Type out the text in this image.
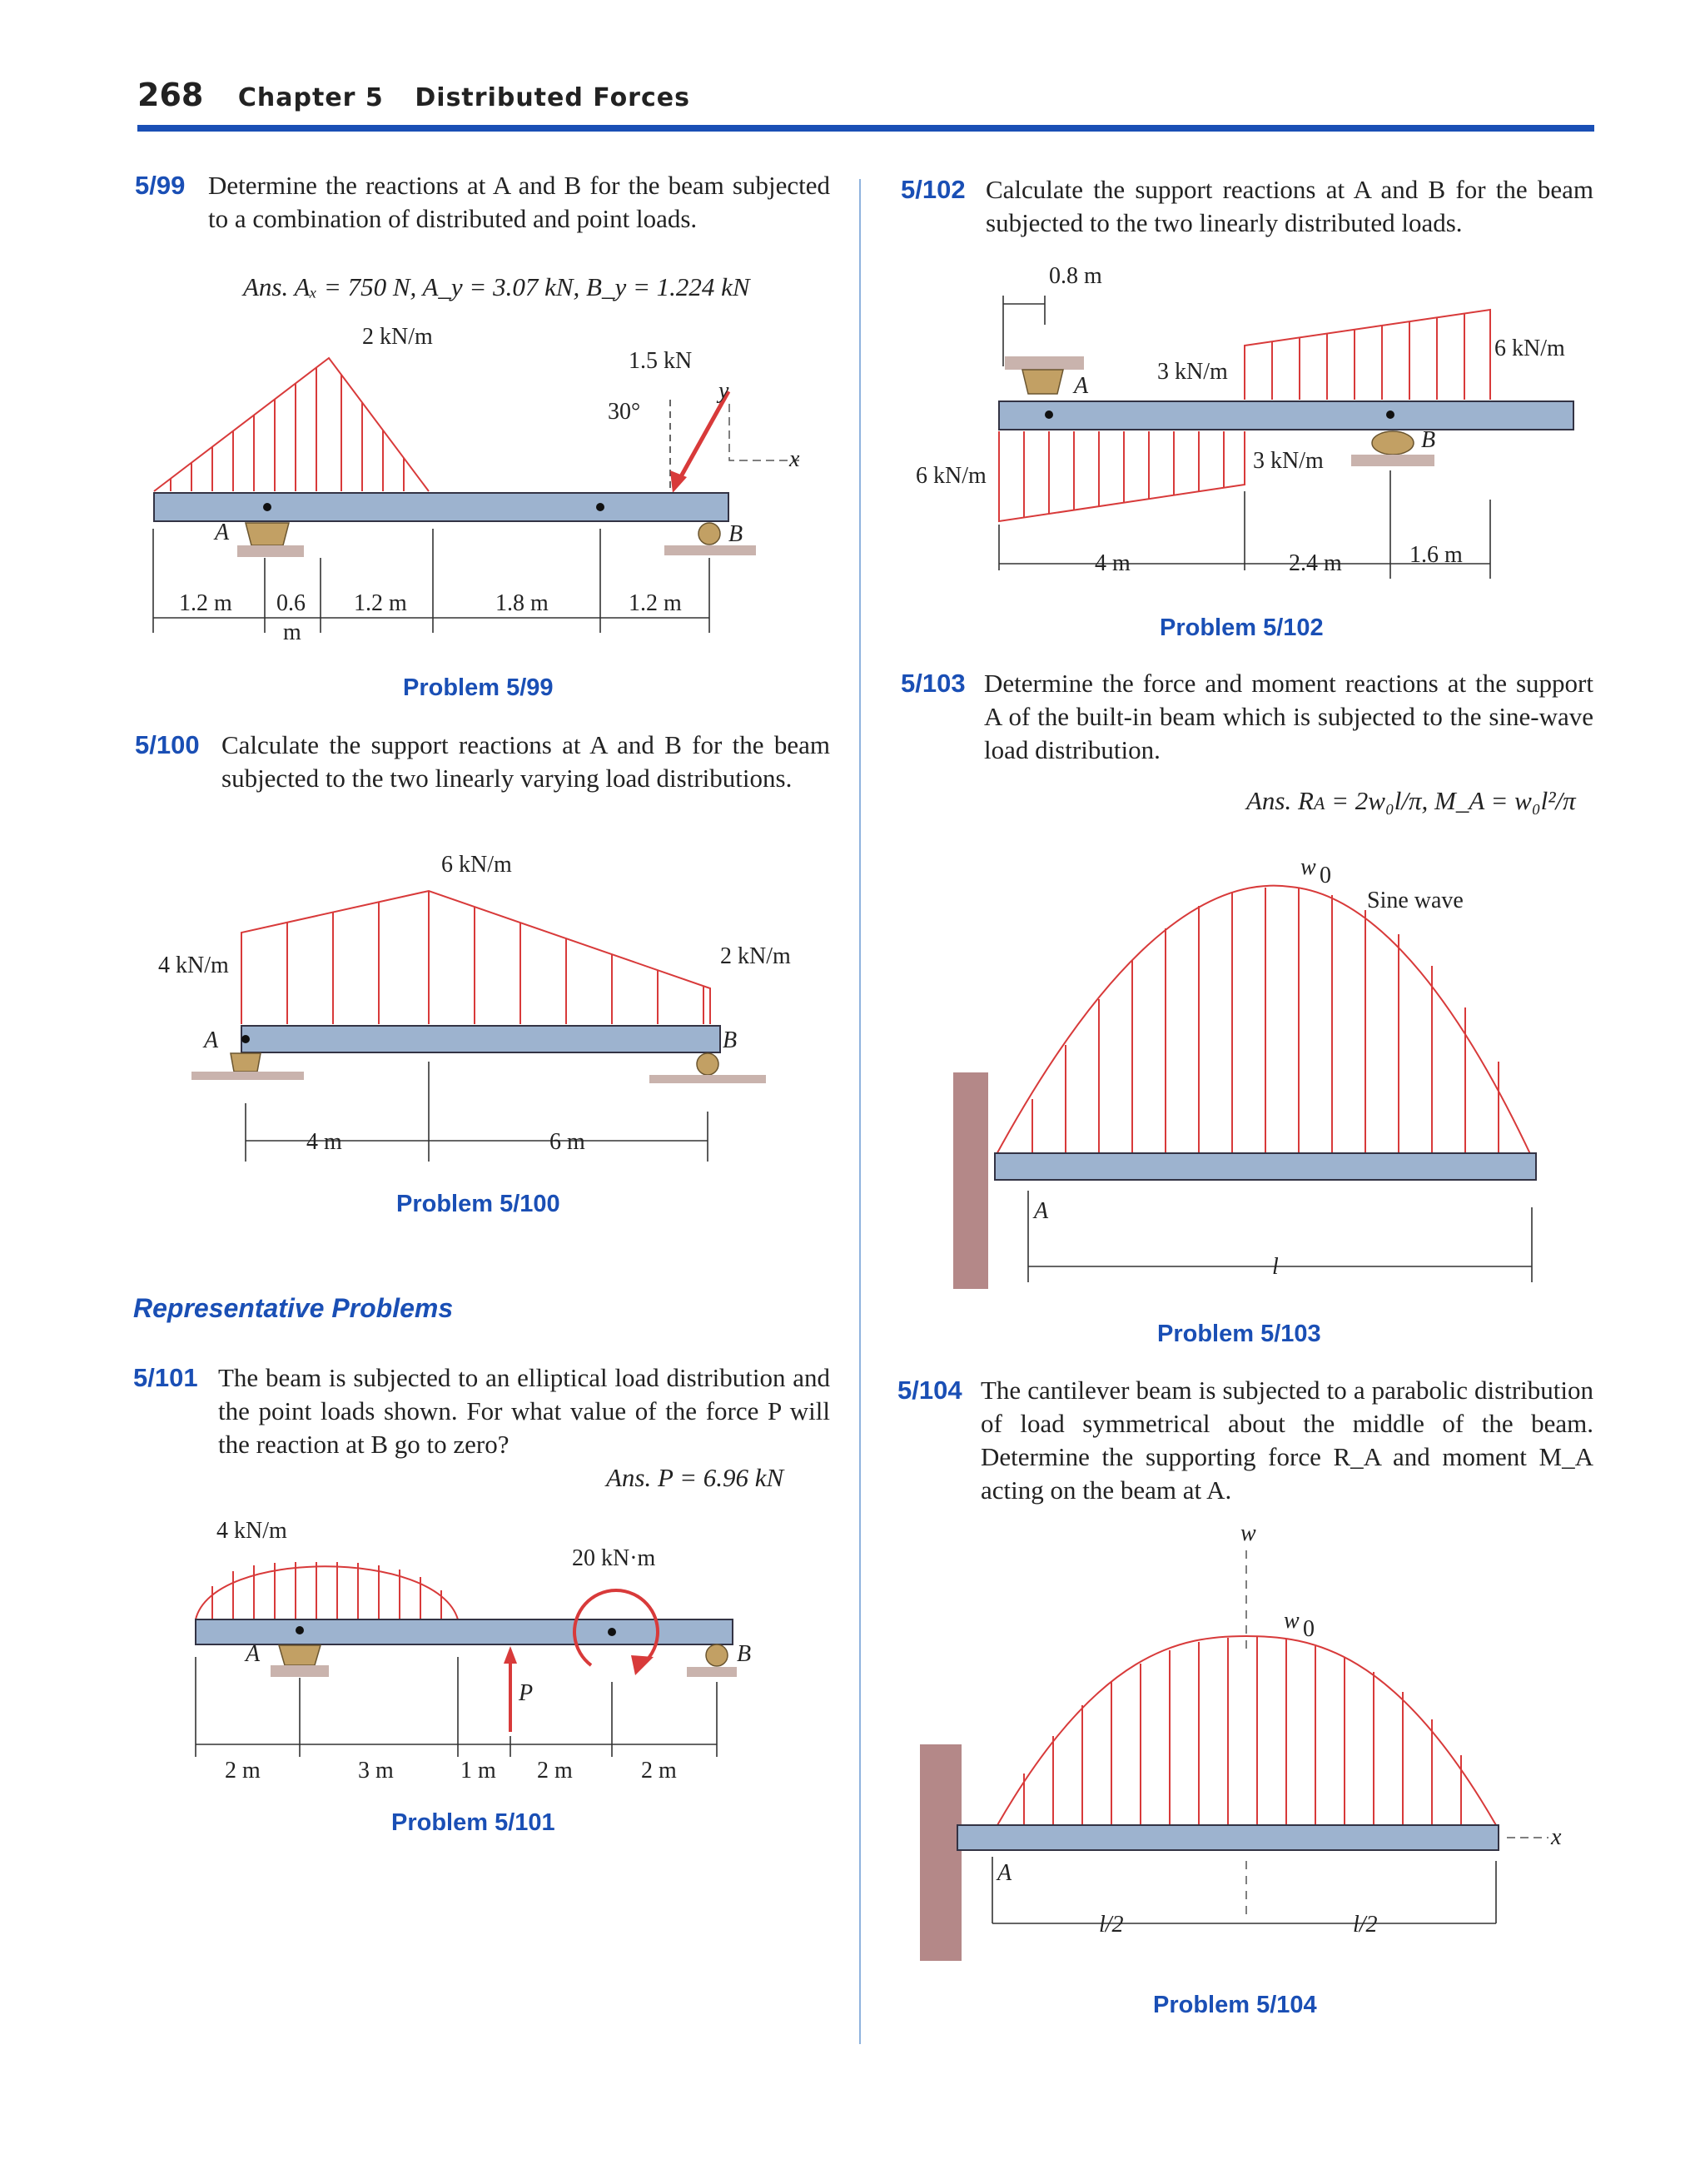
268 Chapter 5 Distributed Forces
5/99 Determine the reactions at A and B for the beam subjected to a combination of distributed and point loads.
Ans. Aₓ = 750 N, A_y = 3.07 kN, B_y = 1.224 kN
2 kN/m
1.5 kN
30°
y
x
A	B
1.2 m 0.6
m
1.2 m	1.8 m	1.2 m
Problem 5/99
5/100 Calculate the support reactions at A and B for the beam subjected to the two linearly varying load distributions.
6 kN/m
4 kN/m	2 kN/m
A	B
4 m	6 m
Problem 5/100
Representative Problems
5/101 The beam is subjected to an elliptical load distribution and the point loads shown. For what value of the force P will the reaction at B go to zero?
Ans. P = 6.96 kN
4 kN/m
A	B
P
20 kN·m
2 m	3 m	1 m 2 m	2 m
Problem 5/101
5/102 Calculate the support reactions at A and B for the beam subjected to the two linearly distributed loads.
0.8 m
3 kN/m
6 kN/m
A
B
6 kN/m
3 kN/m
4 m	2.4 m	1.6 m
Problem 5/102
5/103 Determine the force and moment reactions at the support A of the built-in beam which is subjected to the sine-wave load distribution.
Ans. RA = 2w₀l/π, M_A = w₀l²/π
w 0
Sine wave
A
l
Problem 5/103
5/104 The cantilever beam is subjected to a parabolic distribution of load symmetrical about the middle of the beam. Determine the supporting force R_A and moment M_A acting on the beam at A.
w
w 0
x
A
l/2	l/2
Problem 5/104
